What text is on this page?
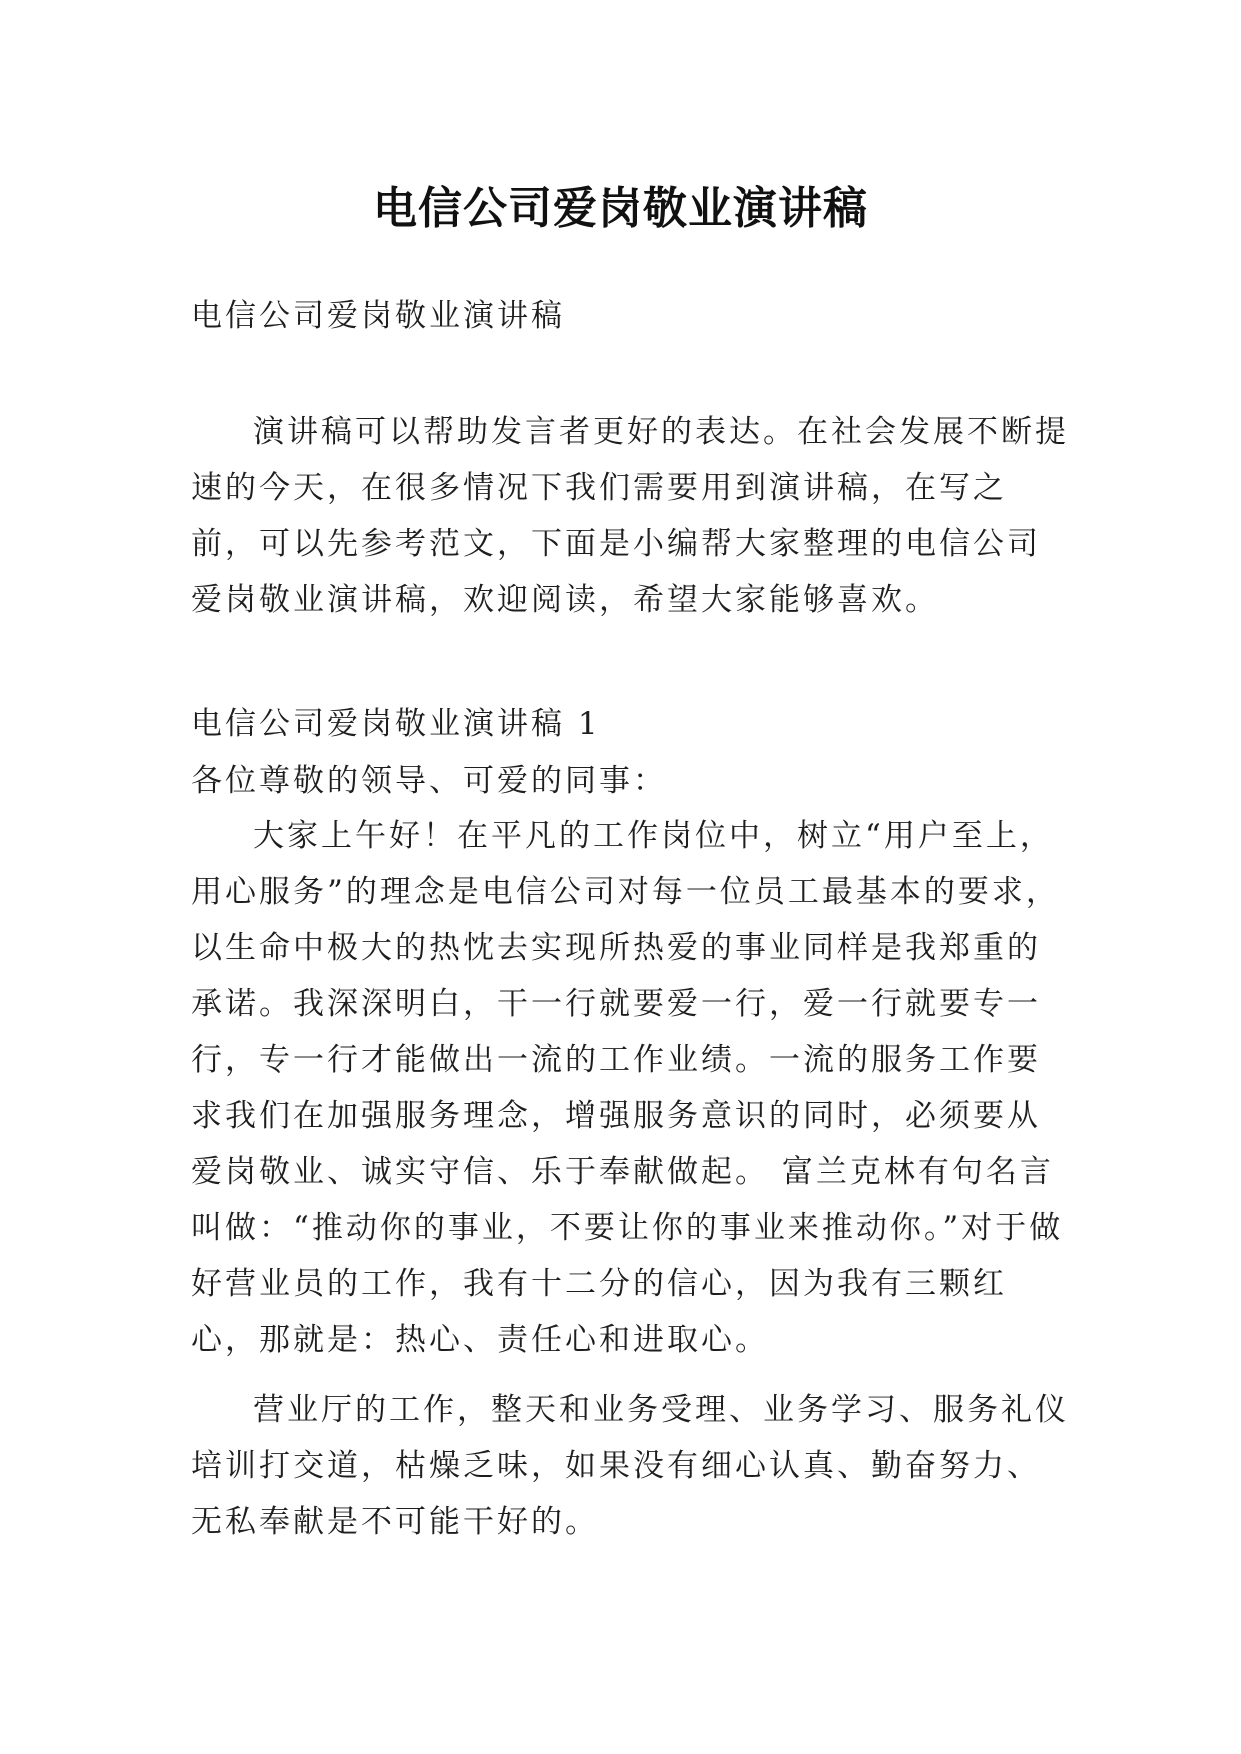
电信公司爱岗敬业演讲稿

电信公司爱岗敬业演讲稿

演讲稿可以帮助发言者更好的表达。在社会发展不断提速的今天，在很多情况下我们需要用到演讲稿，在写之前，可以先参考范文，下面是小编帮大家整理的电信公司爱岗敬业演讲稿，欢迎阅读，希望大家能够喜欢。

电信公司爱岗敬业演讲稿 1

各位尊敬的领导、可爱的同事：

大家上午好！在平凡的工作岗位中，树立“用户至上，用心服务”的理念是电信公司对每一位员工最基本的要求，以生命中极大的热忱去实现所热爱的事业同样是我郑重的承诺。我深深明白，干一行就要爱一行，爱一行就要专一行，专一行才能做出一流的工作业绩。一流的服务工作要求我们在加强服务理念，增强服务意识的同时，必须要从爱岗敬业、诚实守信、乐于奉献做起。 富兰克林有句名言叫做：“推动你的事业，不要让你的事业来推动你。”对于做好营业员的工作，我有十二分的信心，因为我有三颗红心，那就是：热心、责任心和进取心。

营业厅的工作，整天和业务受理、业务学习、服务礼仪培训打交道，枯燥乏味，如果没有细心认真、勤奋努力、无私奉献是不可能干好的。
